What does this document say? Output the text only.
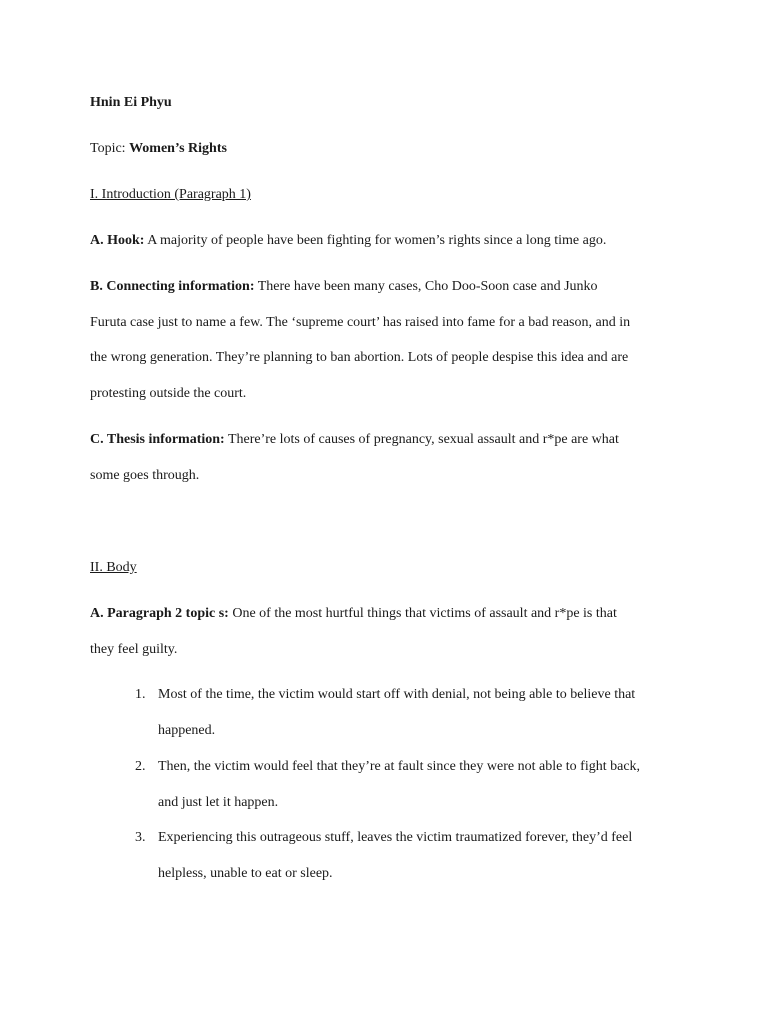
Hnin Ei Phyu
Topic: Women’s Rights
I. Introduction (Paragraph 1)
A. Hook: A majority of people have been fighting for women’s rights since a long time ago.
B. Connecting information: There have been many cases, Cho Doo-Soon case and Junko
Furuta case just to name a few. The ‘supreme court’ has raised into fame for a bad reason, and in
the wrong generation. They’re planning to ban abortion. Lots of people despise this idea and are
protesting outside the court.
C. Thesis information: There’re lots of causes of pregnancy, sexual assault and r*pe are what
some goes through.
II. Body
A. Paragraph 2 topic s: One of the most hurtful things that victims of assault and r*pe is that
they feel guilty.
1. Most of the time, the victim would start off with denial, not being able to believe that
happened.
2. Then, the victim would feel that they’re at fault since they were not able to fight back,
and just let it happen.
3. Experiencing this outrageous stuff, leaves the victim traumatized forever, they’d feel
helpless, unable to eat or sleep.
